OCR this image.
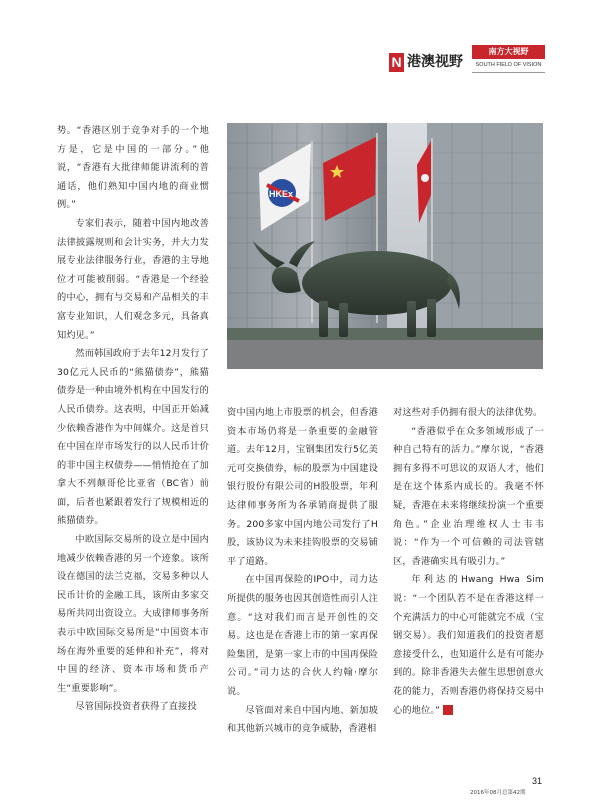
N 港澳视野
南方大视野
SOUTH FIELD OF VISION

势。“香港区别于竞争对手的一个地方是，它是中国的一部分。”他说，“香港有大批律师能讲流利的普通话，他们熟知中国内地的商业惯例。”

专家们表示，随着中国内地改善法律披露规则和会计实务，并大力发展专业法律服务行业，香港的主导地位才可能被削弱。“香港是一个经验的中心，拥有与交易和产品相关的丰富专业知识，人们观念多元，具备真知灼见。”

然而韩国政府于去年12月发行了30亿元人民币的“熊猫债券”，熊猫债券是一种由境外机构在中国发行的人民币债券。这表明，中国正开始减少依赖香港作为中间媒介。这是首只在中国在岸市场发行的以人民币计价的非中国主权债券——悄悄抢在了加拿大不列颠哥伦比亚省（BC省）前面，后者也紧跟着发行了规模相近的熊猫债券。

中欧国际交易所的设立是中国内地减少依赖香港的另一个迹象。该所设在德国的法兰克福，交易多种以人民币计价的金融工具，该所由多家交易所共同出资设立。大成律师事务所表示中欧国际交易所是“中国资本市场在海外重要的延伸和补充”，将对中国的经济、资本市场和货币产生“重要影响”。

尽管国际投资者获得了直接投

HKEx

资中国内地上市股票的机会，但香港资本市场仍将是一条重要的金融管道。去年12月，宝钢集团发行5亿美元可交换债券，标的股票为中国建设银行股份有限公司的H股股票，年利达律师事务所为各承销商提供了服务。200多家中国内地公司发行了H股，该协议为未来挂钩股票的交易铺平了道路。

在中国再保险的IPO中，司力达所提供的服务也因其创造性而引人注意。“这对我们而言是开创性的交易。这也是在香港上市的第一家再保险集团，是第一家上市的中国再保险公司。”司力达的合伙人约翰·摩尔说。

尽管面对来自中国内地、新加坡和其他新兴城市的竞争威胁，香港相

对这些对手仍拥有很大的法律优势。

“香港似乎在众多领域形成了一种自己特有的活力。”摩尔说，“香港拥有多得不可思议的双语人才，他们是在这个体系内成长的。我毫不怀疑，香港在未来将继续扮演一个重要角色。”企业治理维权人士韦韦说：“作为一个可信赖的司法管辖区，香港确实具有吸引力。”

年利达的Hwang Hwa Sim说：“一个团队若不是在香港这样一个充满活力的中心可能就完不成（宝钢交易）。我们知道我们的投资者愿意接受什么，也知道什么是有可能办到的。除非香港失去催生思想创意火花的能力，否则香港仍将保持交易中心的地位。”	N

31
2016年08月总第42期
